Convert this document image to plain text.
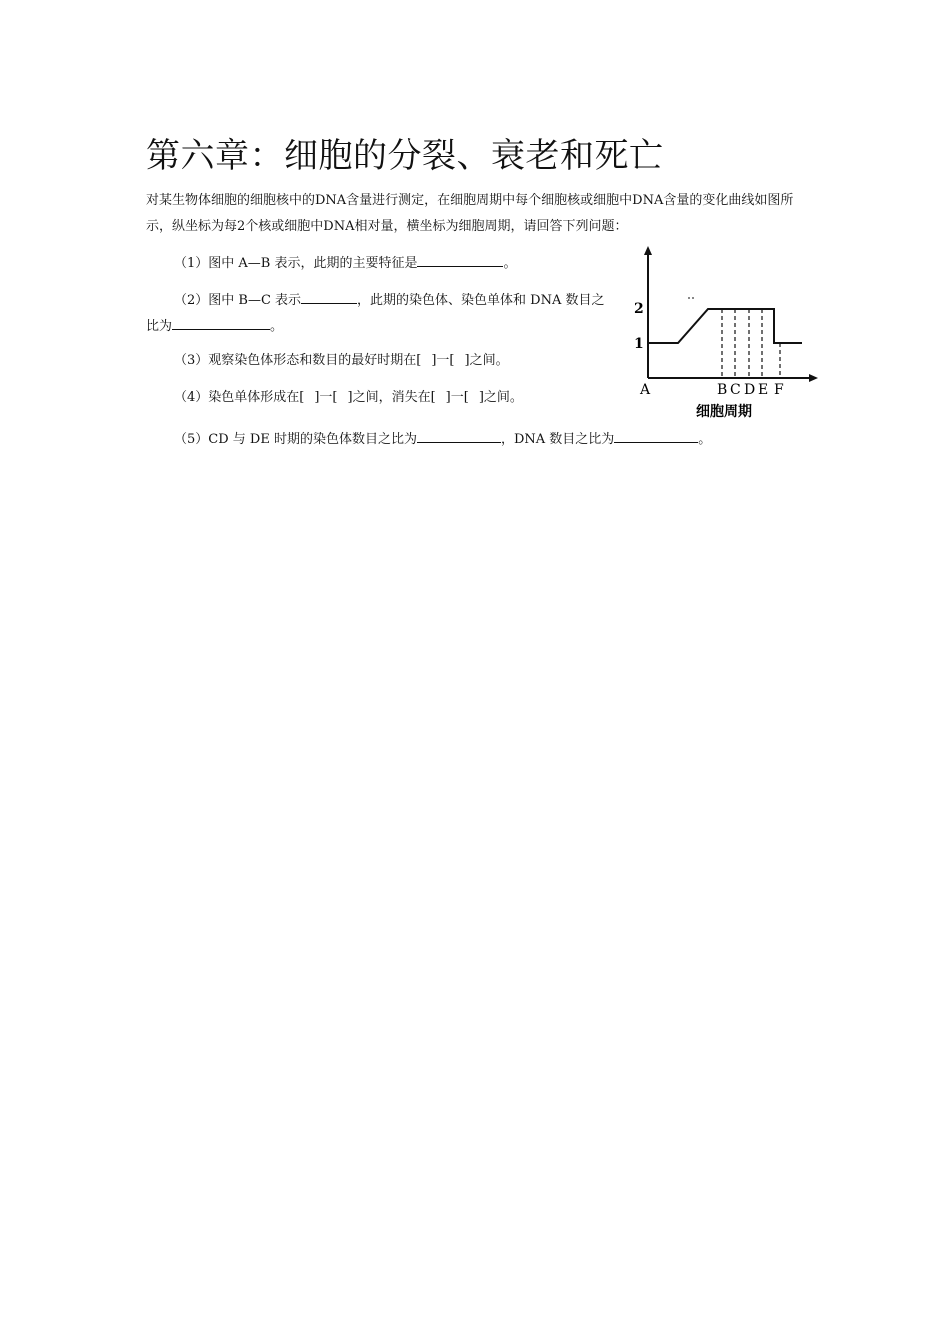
第六章：细胞的分裂、衰老和死亡
对某生物体细胞的细胞核中的DNA含量进行测定，在细胞周期中每个细胞核或细胞中DNA含量的变化曲线如图所示，纵坐标为每2个核或细胞中DNA相对量，横坐标为细胞周期，请回答下列问题：
（1）图中 A—B 表示，此期的主要特征是	。
（2）图中 B—C 表示	，此期的染色体、染色单体和 DNA 数目之
比为	。
（3）观察染色体形态和数目的最好时期在[ ]一[ ]之间。
（4）染色单体形成在[ ]一[ ]之间，消失在[ ]一[ ]之间。
（5）CD 与 DE 时期的染色体数目之比为	，DNA 数目之比为	。
2
1
A	B C D E F
细胞周期
